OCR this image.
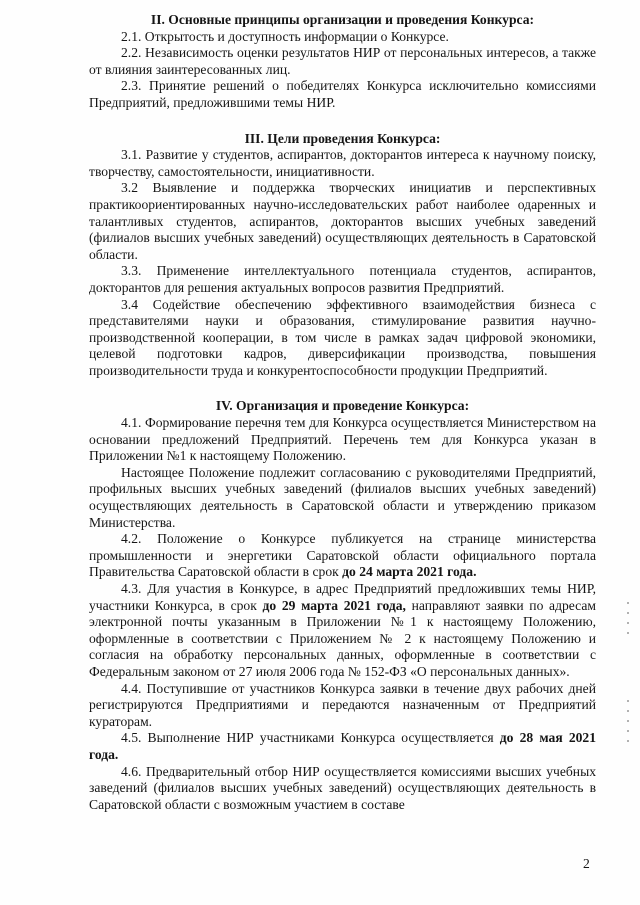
II. Основные принципы организации и проведения Конкурса:

2.1. Открытость и доступность информации о Конкурсе.

2.2. Независимость оценки результатов НИР от персональных интересов, а также от влияния заинтересованных лиц.

2.3. Принятие решений о победителях Конкурса исключительно комиссиями Предприятий, предложившими темы НИР.

III. Цели проведения Конкурса:

3.1. Развитие у студентов, аспирантов, докторантов интереса к научному поиску, творчеству, самостоятельности, инициативности.

3.2 Выявление и поддержка творческих инициатив и перспективных практикоориентированных научно-исследовательских работ наиболее одаренных и талантливых студентов, аспирантов, докторантов высших учебных заведений (филиалов высших учебных заведений) осуществляющих деятельность в Саратовской области.

3.3. Применение интеллектуального потенциала студентов, аспирантов, докторантов для решения актуальных вопросов развития Предприятий.

3.4 Содействие обеспечению эффективного взаимодействия бизнеса с представителями науки и образования, стимулирование развития научно-производственной кооперации, в том числе в рамках задач цифровой экономики, целевой подготовки кадров, диверсификации производства, повышения производительности труда и конкурентоспособности продукции Предприятий.

IV. Организация и проведение Конкурса:

4.1. Формирование перечня тем для Конкурса осуществляется Министерством на основании предложений Предприятий. Перечень тем для Конкурса указан в Приложении №1 к настоящему Положению.

Настоящее Положение подлежит согласованию с руководителями Предприятий, профильных высших учебных заведений (филиалов высших учебных заведений) осуществляющих деятельность в Саратовской области и утверждению приказом Министерства.

4.2. Положение о Конкурсе публикуется на странице министерства промышленности и энергетики Саратовской области официального портала Правительства Саратовской области в срок до 24 марта 2021 года.

4.3. Для участия в Конкурсе, в адрес Предприятий предложивших темы НИР, участники Конкурса, в срок до 29 марта 2021 года, направляют заявки по адресам электронной почты указанным в Приложении №1 к настоящему Положению, оформленные в соответствии с Приложением № 2 к настоящему Положению и согласия на обработку персональных данных, оформленные в соответствии с Федеральным законом от 27 июля 2006 года № 152-ФЗ «О персональных данных».

4.4. Поступившие от участников Конкурса заявки в течение двух рабочих дней регистрируются Предприятиями и передаются назначенным от Предприятий кураторам.

4.5. Выполнение НИР участниками Конкурса осуществляется до 28 мая 2021 года.

4.6. Предварительный отбор НИР осуществляется комиссиями высших учебных заведений (филиалов высших учебных заведений) осуществляющих деятельность в Саратовской области с возможным участием в составе

2
